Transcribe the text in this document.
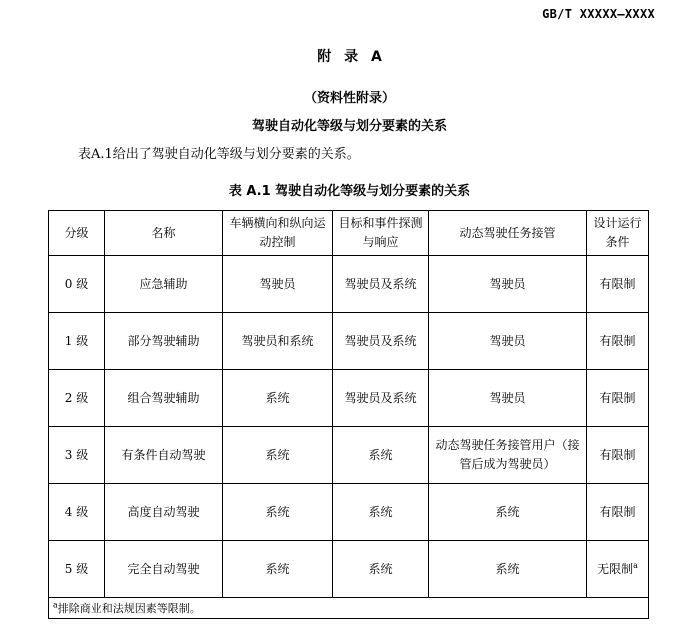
GB/T XXXXX—XXXX
附 录 A
（资料性附录）
驾驶自动化等级与划分要素的关系
表A.1给出了驾驶自动化等级与划分要素的关系。
表 A.1 驾驶自动化等级与划分要素的关系
分级	名称	车辆横向和纵向运动控制	目标和事件探测与响应	动态驾驶任务接管	设计运行条件
0 级	应急辅助	驾驶员	驾驶员及系统	驾驶员	有限制
1 级	部分驾驶辅助	驾驶员和系统	驾驶员及系统	驾驶员	有限制
2 级	组合驾驶辅助	系统	驾驶员及系统	驾驶员	有限制
3 级	有条件自动驾驶	系统	系统	动态驾驶任务接管用户（接管后成为驾驶员）	有限制
4 级	高度自动驾驶	系统	系统	系统	有限制
5 级	完全自动驾驶	系统	系统	系统	无限制$^a$
$^a$排除商业和法规因素等限制。					
